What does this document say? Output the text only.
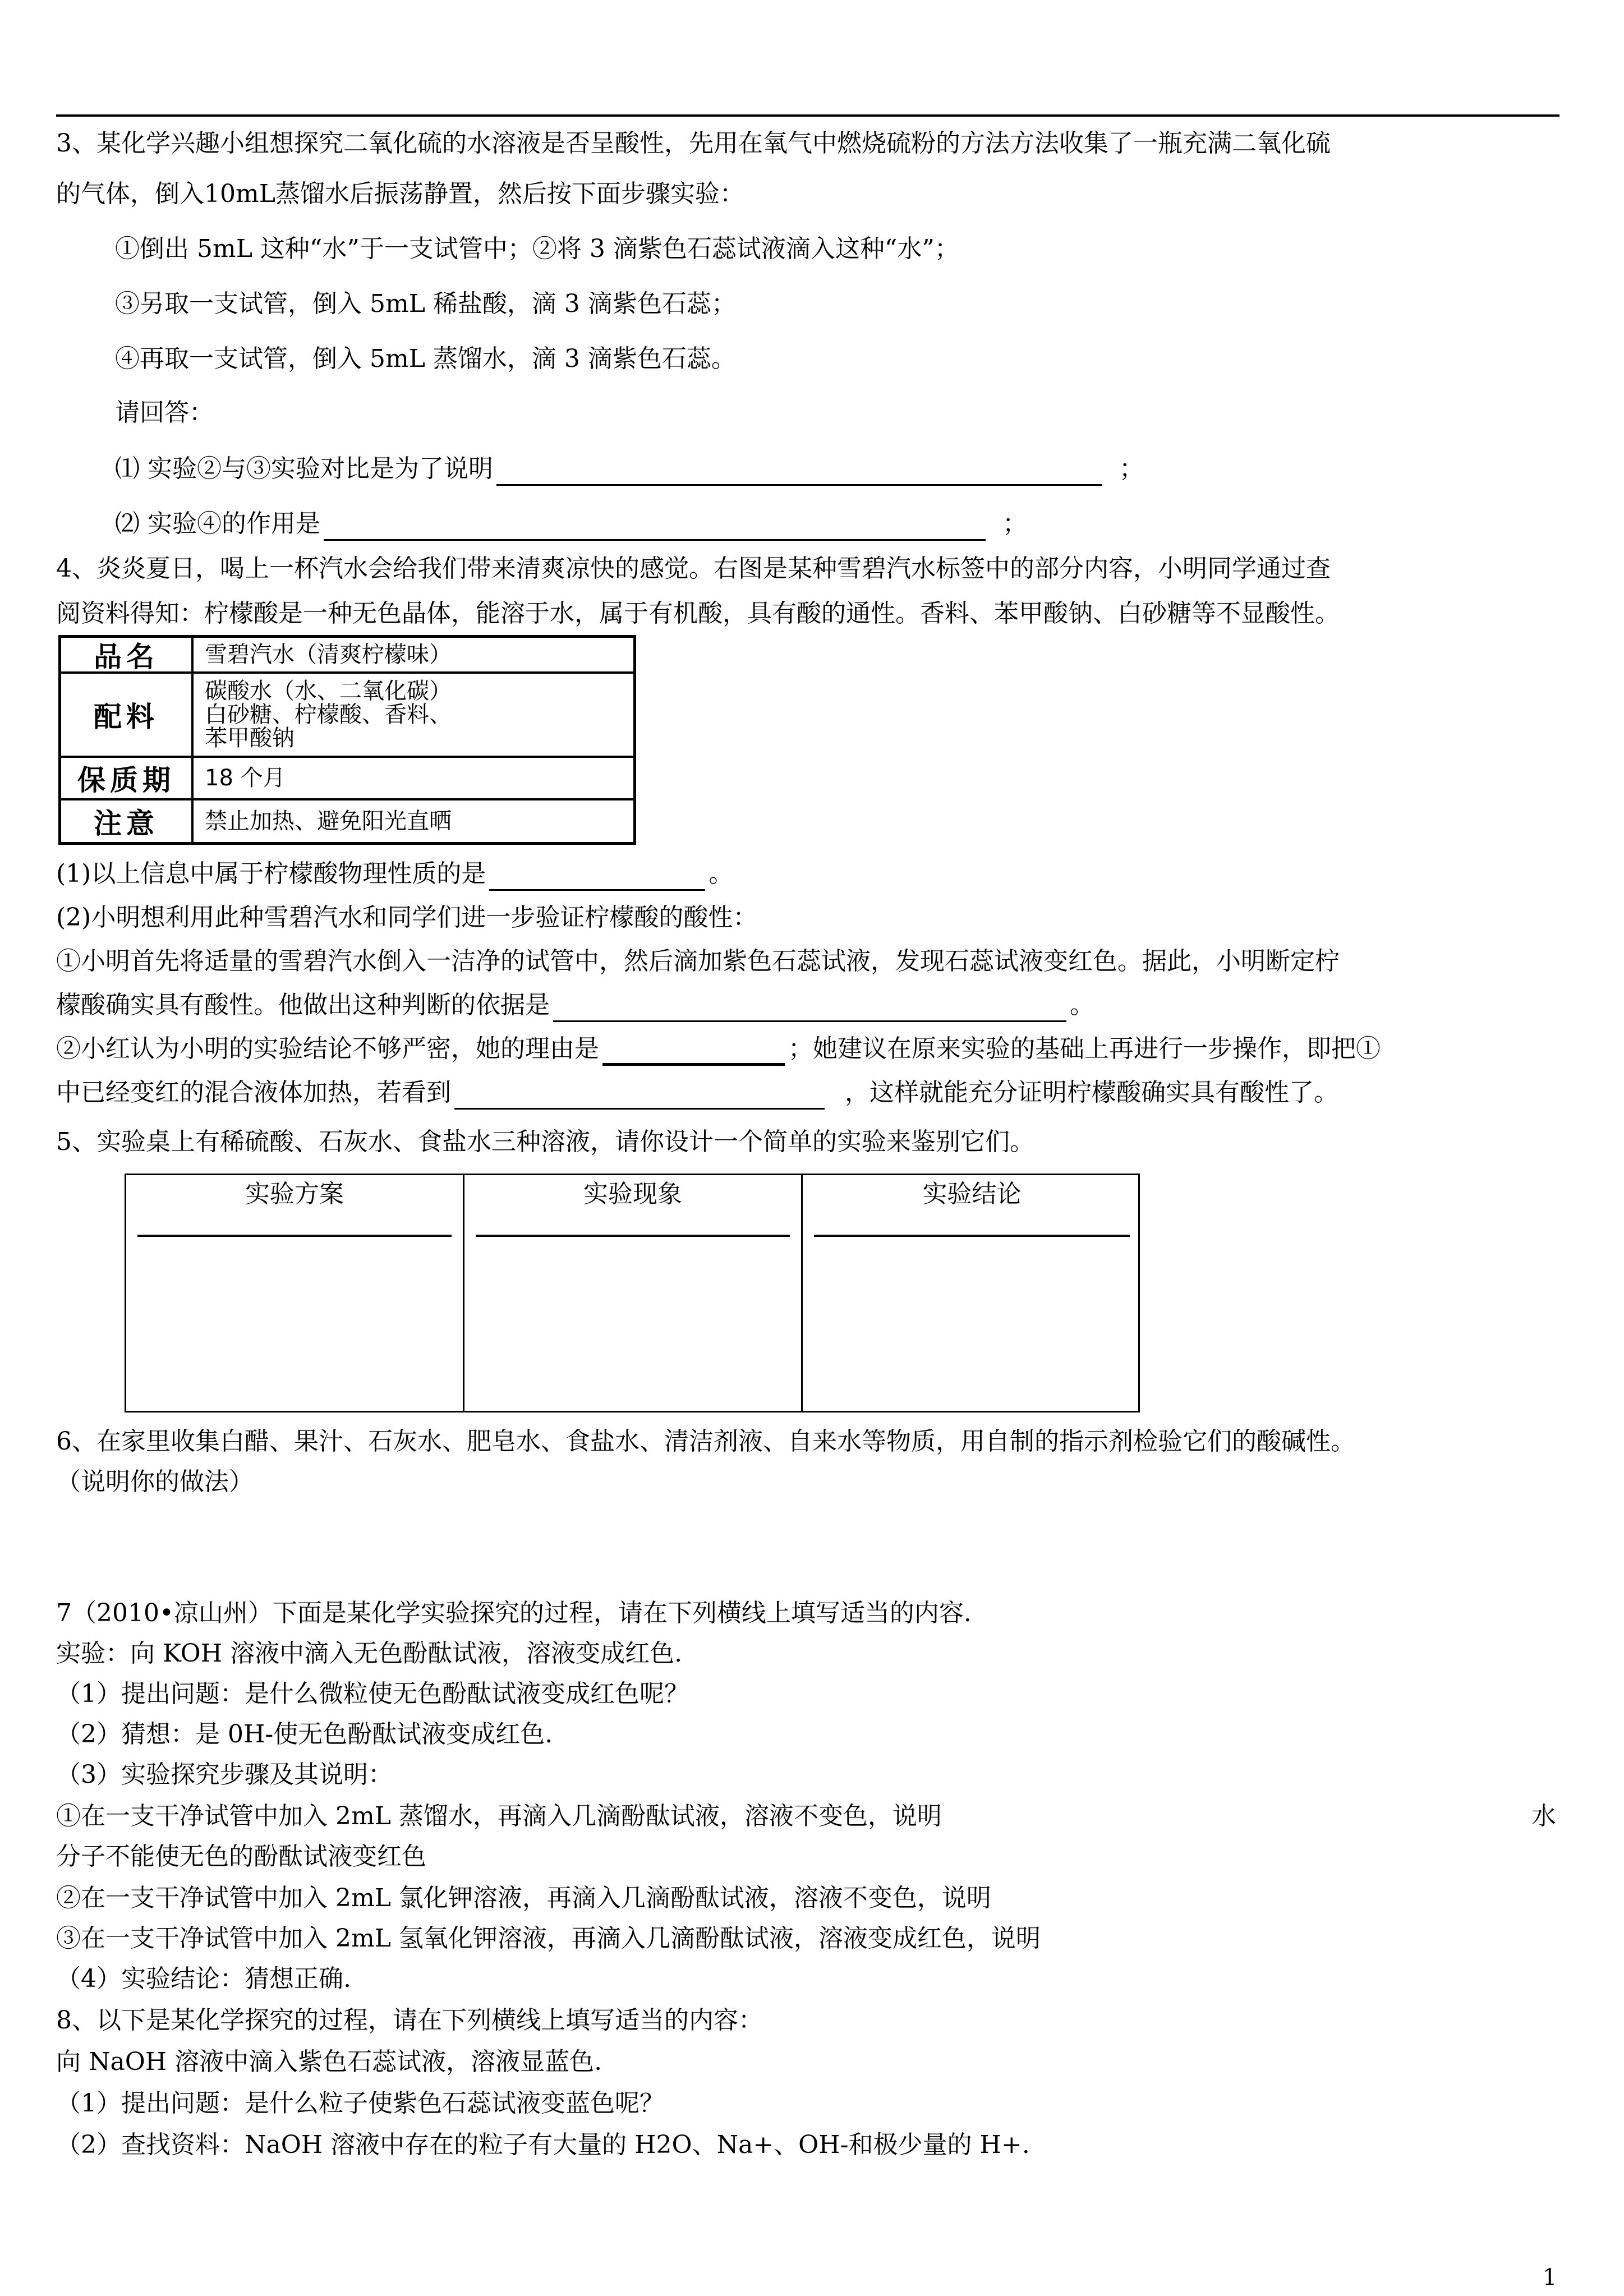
3、某化学兴趣小组想探究二氧化硫的水溶液是否呈酸性，先用在氧气中燃烧硫粉的方法方法收集了一瓶充满二氧化硫
的气体，倒入10mL蒸馏水后振荡静置，然后按下面步骤实验：
①倒出 5mL 这种“水”于一支试管中；②将 3 滴紫色石蕊试液滴入这种“水”；
③另取一支试管，倒入 5mL 稀盐酸，滴 3 滴紫色石蕊；
④再取一支试管，倒入 5mL 蒸馏水，滴 3 滴紫色石蕊。
请回答：
⑴ 实验②与③实验对比是为了说明	；
⑵ 实验④的作用是	；
4、炎炎夏日，喝上一杯汽水会给我们带来清爽凉快的感觉。右图是某种雪碧汽水标签中的部分内容，小明同学通过查
阅资料得知：柠檬酸是一种无色晶体，能溶于水，属于有机酸，具有酸的通性。香料、苯甲酸钠、白砂糖等不显酸性。
品名	雪碧汽水（清爽柠檬味）
配料
碳酸水（水、二氧化碳）
白砂糖、柠檬酸、香料、
苯甲酸钠
保质期	18 个月
注意	禁止加热、避免阳光直晒
(1)以上信息中属于柠檬酸物理性质的是	。
(2)小明想利用此种雪碧汽水和同学们进一步验证柠檬酸的酸性：
①小明首先将适量的雪碧汽水倒入一洁净的试管中，然后滴加紫色石蕊试液，发现石蕊试液变红色。据此，小明断定柠
檬酸确实具有酸性。他做出这种判断的依据是	。
②小红认为小明的实验结论不够严密，她的理由是	；她建议在原来实验的基础上再进行一步操作，即把①
中已经变红的混合液体加热，若看到	，这样就能充分证明柠檬酸确实具有酸性了。
5、实验桌上有稀硫酸、石灰水、食盐水三种溶液，请你设计一个简单的实验来鉴别它们。
实验方案	实验现象	实验结论
6、在家里收集白醋、果汁、石灰水、肥皂水、食盐水、清洁剂液、自来水等物质，用自制的指示剂检验它们的酸碱性。
（说明你的做法）
7（2010•凉山州）下面是某化学实验探究的过程，请在下列横线上填写适当的内容.
实验：向 KOH 溶液中滴入无色酚酞试液，溶液变成红色.
（1）提出问题：是什么微粒使无色酚酞试液变成红色呢？
（2）猜想：是 0H-使无色酚酞试液变成红色.
（3）实验探究步骤及其说明：
①在一支干净试管中加入 2mL 蒸馏水，再滴入几滴酚酞试液，溶液不变色，说明	水
分子不能使无色的酚酞试液变红色
②在一支干净试管中加入 2mL 氯化钾溶液，再滴入几滴酚酞试液，溶液不变色，说明
③在一支干净试管中加入 2mL 氢氧化钾溶液，再滴入几滴酚酞试液，溶液变成红色，说明
（4）实验结论：猜想正确.
8、以下是某化学探究的过程，请在下列横线上填写适当的内容：
向 NaOH 溶液中滴入紫色石蕊试液，溶液显蓝色.
（1）提出问题：是什么粒子使紫色石蕊试液变蓝色呢？
（2）查找资料：NaOH 溶液中存在的粒子有大量的 H2O、Na+、OH-和极少量的 H+.
1
